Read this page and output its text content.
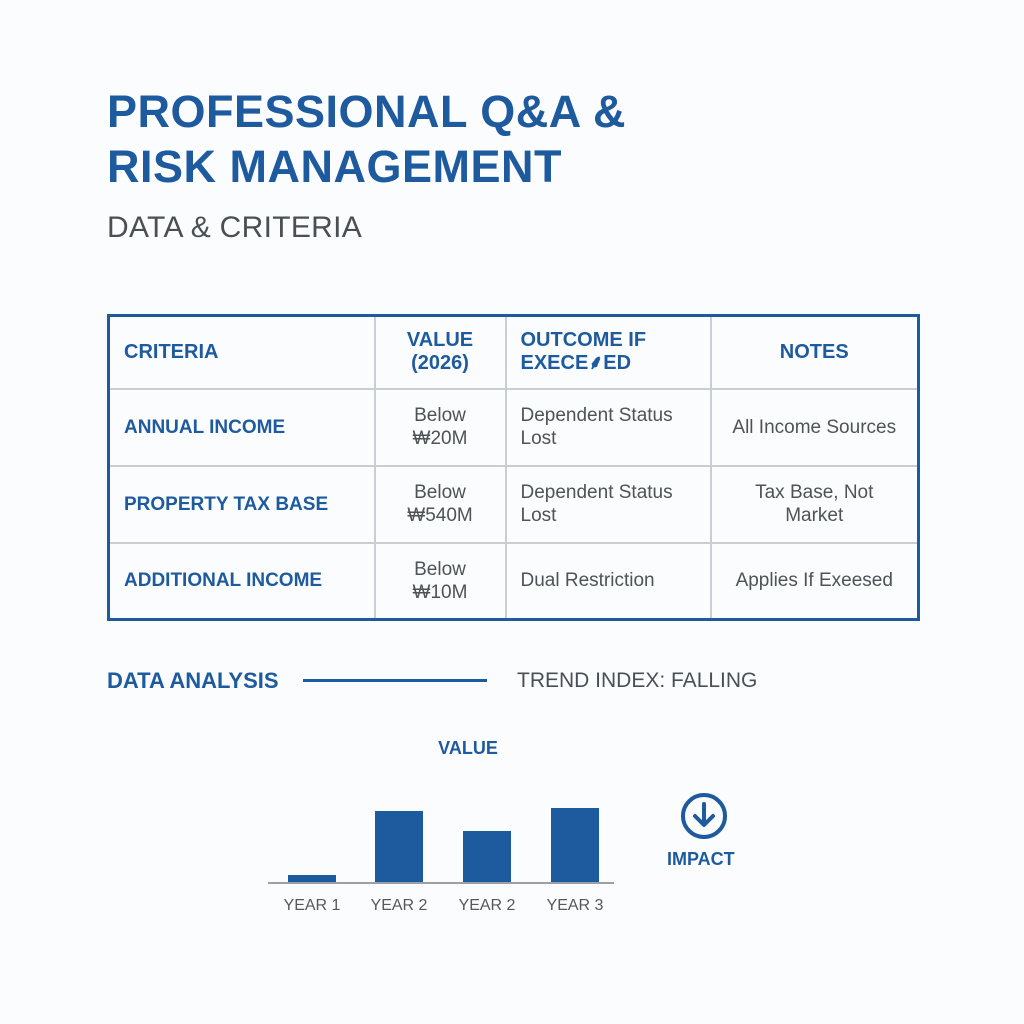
PROFESSIONAL Q&A &
RISK MANAGEMENT
DATA & CRITERIA
CRITERIA	VALUE (2026)	OUTCOME IF EXECE⸙ED	NOTES
ANNUAL INCOME	Below ₩20M	Dependent Status Lost	All Income Sources
PROPERTY TAX BASE	Below ₩540M	Dependent Status Lost	Tax Base, Not Market
ADDITIONAL INCOME	Below ₩10M	Dual Restriction	Applies If Exeesed
DATA ANALYSIS	TREND INDEX: FALLING
VALUE
YEAR 1 YEAR 2 YEAR 2 YEAR 3
IMPACT
